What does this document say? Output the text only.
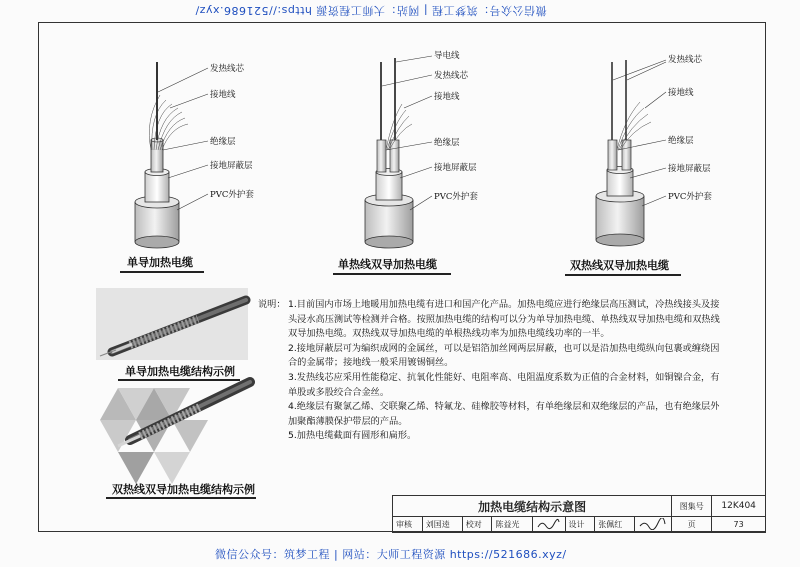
微信公众号：筑梦工程 | 网站：大师工程资源 https://521686.xyz/
微信公众号：筑梦工程 | 网站：大师工程资源 https://521686.xyz/
发热线芯
接地线
绝缘层
接地屏蔽层
PVC外护套
单导加热电缆
导电线
发热线芯
接地线
绝缘层
接地屏蔽层
PVC外护套
单热线双导加热电缆
发热线芯
接地线
绝缘层
接地屏蔽层
PVC外护套
双热线双导加热电缆
单导加热电缆结构示例
双热线双导加热电缆结构示例
说明： 1.目前国内市场上地暖用加热电缆有进口和国产化产品。加热电缆应进行绝缘层高压测试，冷热线接头及接头浸水高压测试等检测并合格。按照加热电缆的结构可以分为单导加热电缆、单热线双导加热电缆和双热线双导加热电缆。双热线双导加热电缆的单根热线功率为加热电缆线功率的一半。
2.接地屏蔽层可为编织成网的金属丝，可以是铝箔加丝网两层屏蔽，也可以是沿加热电缆纵向包裹或缠绕因合的金属带；接地线一般采用镀锡铜丝。
3.发热线芯应采用性能稳定、抗氧化性能好、电阻率高、电阻温度系数为正值的合金材料，如铜镍合金，有单股或多股绞合合金丝。
4.绝缘层有聚氯乙烯、交联聚乙烯、特氟龙、硅橡胶等材料，有单绝缘层和双绝缘层的产品，也有绝缘层外加聚酯薄膜保护带层的产品。
5.加热电缆截面有圆形和扁形。
加热电缆结构示意图								图集号	12K404
审核	刘国逵	校对	陈益光		设计	张佩红		页	73
